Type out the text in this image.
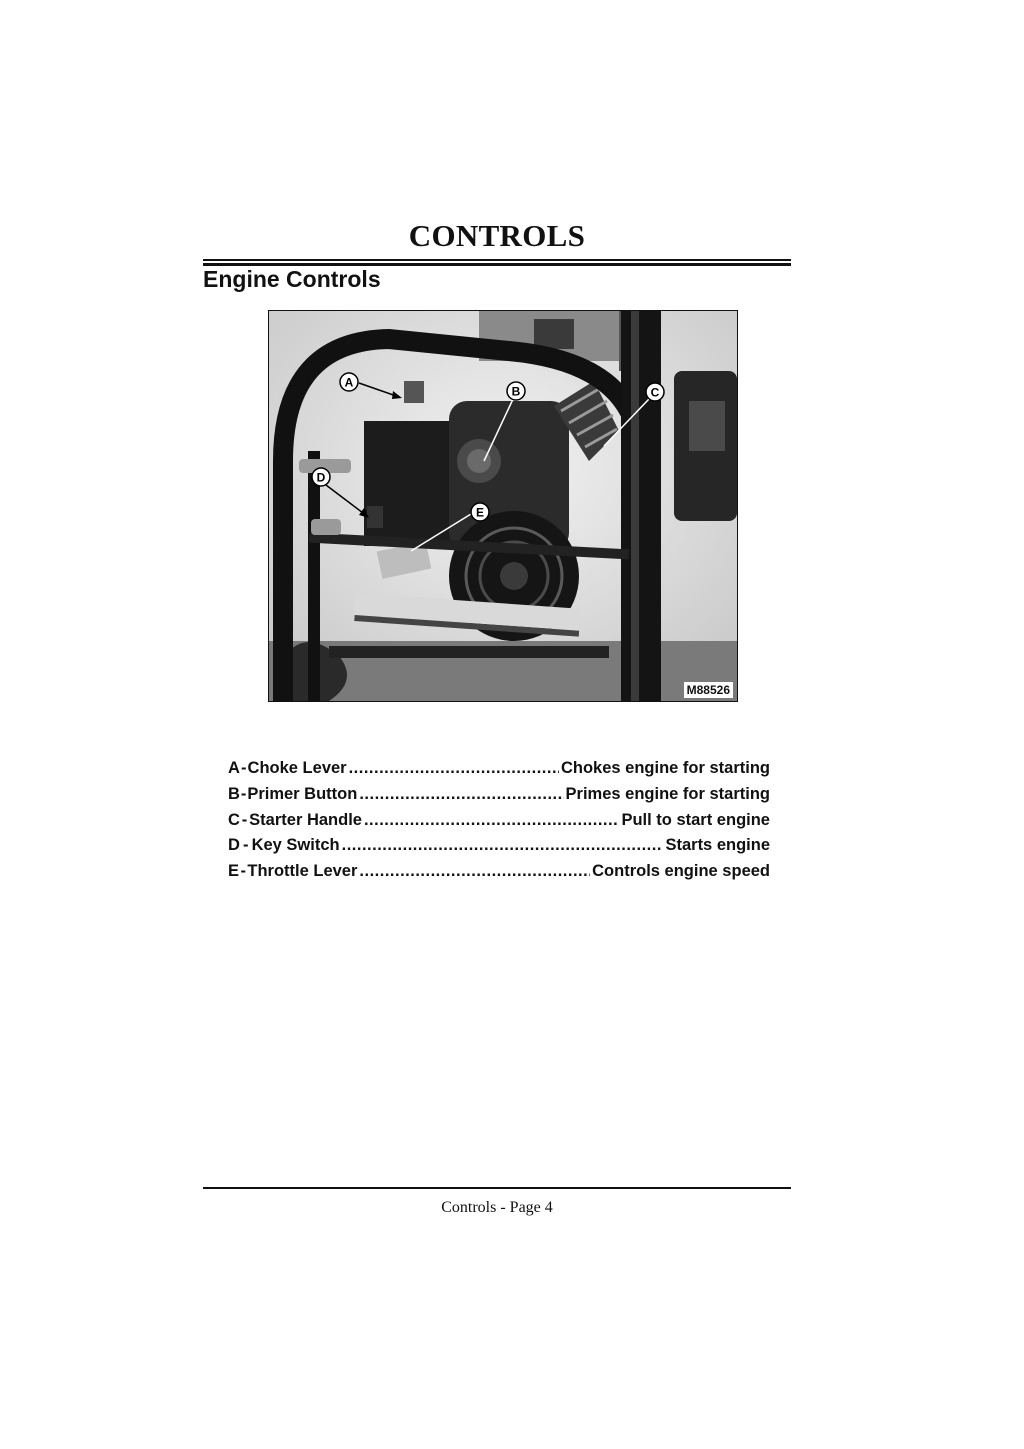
CONTROLS
Engine Controls
A
B	C
D
E
M88526
A - Choke Lever .....	Chokes engine for starting
B - Primer Button .....	Primes engine for starting
C - Starter Handle .....	Pull to start engine
D - Key Switch .....	Starts engine
E - Throttle Lever .....	Controls engine speed
Controls - Page 4
